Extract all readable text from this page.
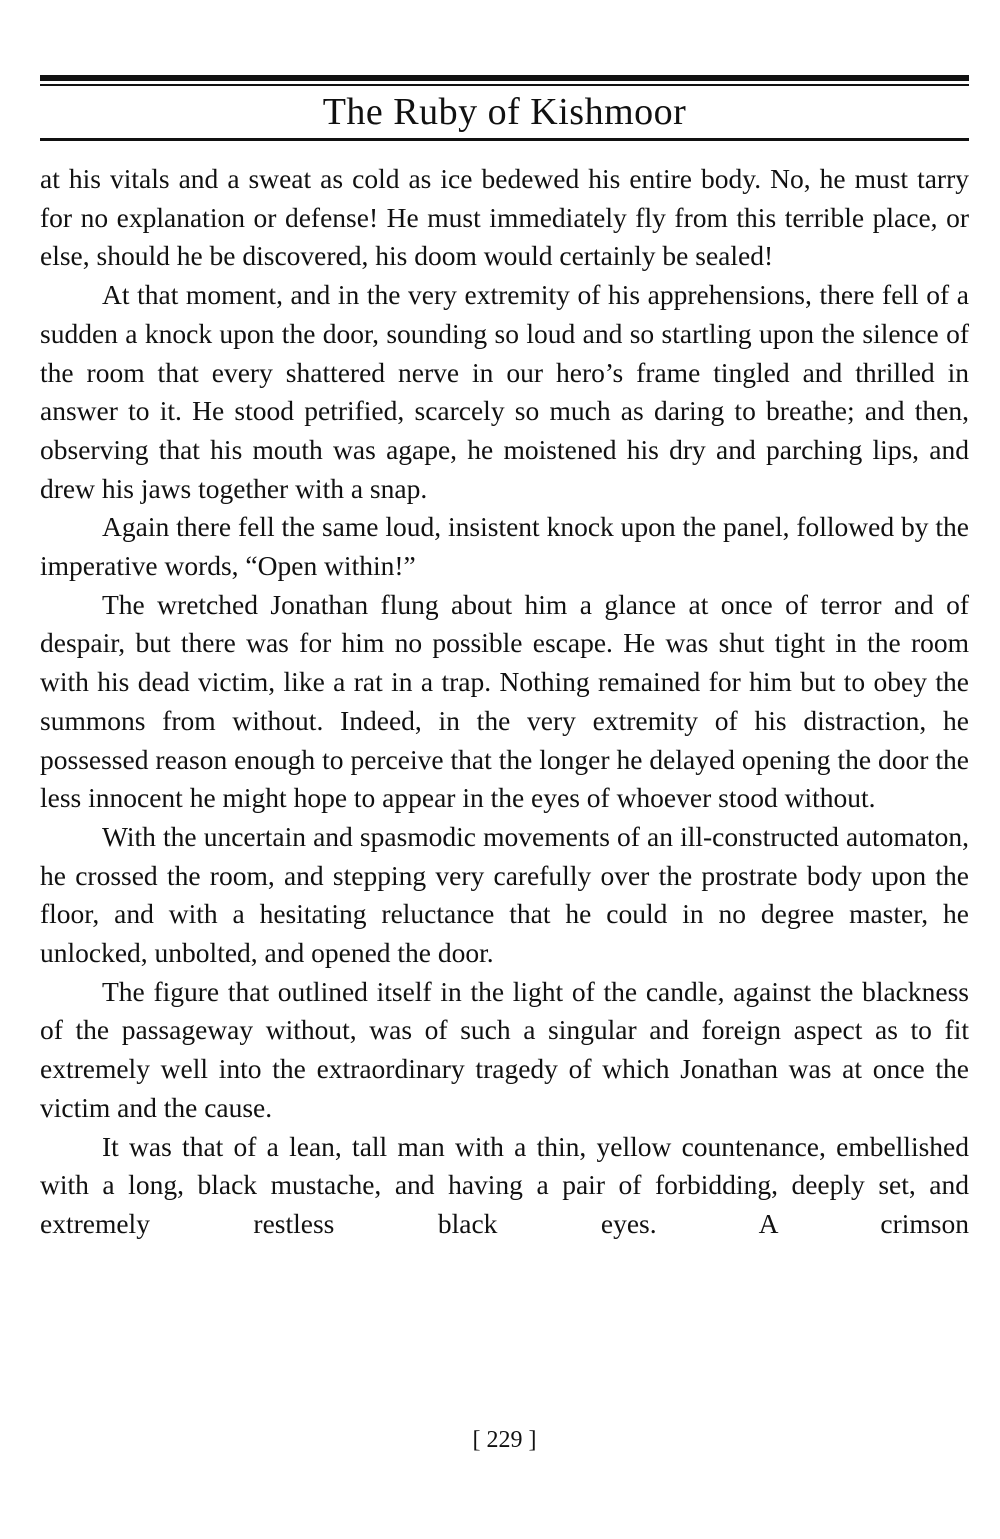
The Ruby of Kishmoor

at his vitals and a sweat as cold as ice bedewed his entire body. No, he must tarry for no explanation or defense! He must immediately fly from this terrible place, or else, should he be discovered, his doom would certainly be sealed!

At that moment, and in the very extremity of his apprehensions, there fell of a sudden a knock upon the door, sounding so loud and so startling upon the silence of the room that every shattered nerve in our hero’s frame tingled and thrilled in answer to it. He stood petrified, scarcely so much as daring to breathe; and then, observing that his mouth was agape, he moistened his dry and parching lips, and drew his jaws together with a snap.

Again there fell the same loud, insistent knock upon the panel, followed by the imperative words, “Open within!”

The wretched Jonathan flung about him a glance at once of terror and of despair, but there was for him no possible escape. He was shut tight in the room with his dead victim, like a rat in a trap. Nothing remained for him but to obey the summons from without. Indeed, in the very extremity of his distraction, he possessed reason enough to perceive that the longer he delayed opening the door the less innocent he might hope to appear in the eyes of whoever stood without.

With the uncertain and spasmodic movements of an ill-constructed automaton, he crossed the room, and stepping very carefully over the prostrate body upon the floor, and with a hesitating reluctance that he could in no degree master, he unlocked, unbolted, and opened the door.

The figure that outlined itself in the light of the candle, against the blackness of the passageway without, was of such a singular and foreign aspect as to fit extremely well into the extraordinary tragedy of which Jonathan was at once the victim and the cause.

It was that of a lean, tall man with a thin, yellow countenance, embellished with a long, black mustache, and having a pair of forbidding, deeply set, and extremely restless black eyes. A crimson

[ 229 ]
